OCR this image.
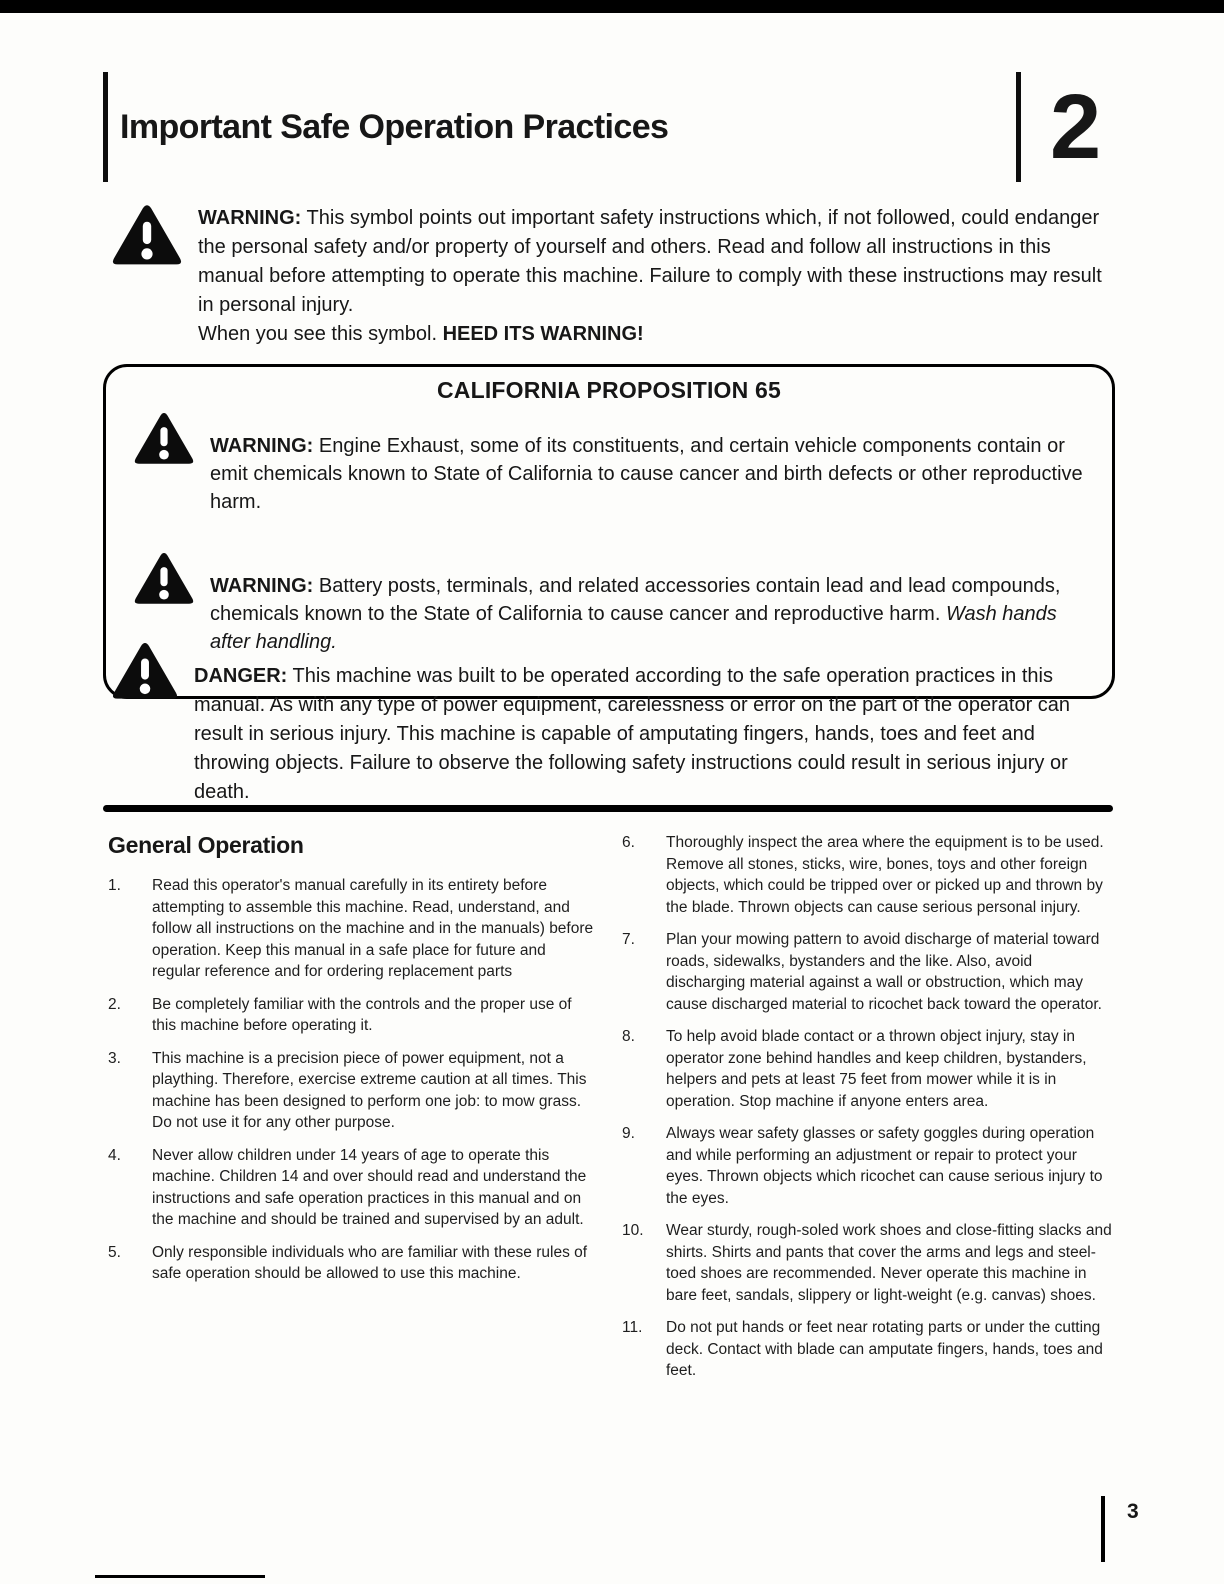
Important Safe Operation Practices	2

WARNING: This symbol points out important safety instructions which, if not followed, could endanger the personal safety and/or property of yourself and others. Read and follow all instructions in this manual before attempting to operate this machine. Failure to comply with these instructions may result in personal injury.

When you see this symbol. HEED ITS WARNING!

CALIFORNIA PROPOSITION 65

WARNING: Engine Exhaust, some of its constituents, and certain vehicle components contain or emit chemicals known to State of California to cause cancer and birth defects or other reproductive harm.

WARNING: Battery posts, terminals, and related accessories contain lead and lead compounds, chemicals known to the State of California to cause cancer and reproductive harm. Wash hands after handling.

DANGER: This machine was built to be operated according to the safe operation practices in this manual. As with any type of power equipment, carelessness or error on the part of the operator can result in serious injury. This machine is capable of amputating fingers, hands, toes and feet and throwing objects. Failure to observe the following safety instructions could result in serious injury or death.

General Operation
1.	Read this operator's manual carefully in its entirety before attempting to assemble this machine. Read, understand, and follow all instructions on the machine and in the manuals) before operation. Keep this manual in a safe place for future and regular reference and for ordering replacement parts
2.	Be completely familiar with the controls and the proper use of this machine before operating it.
3.	This machine is a precision piece of power equipment, not a plaything. Therefore, exercise extreme caution at all times. This machine has been designed to perform one job: to mow grass. Do not use it for any other purpose.
4.	Never allow children under 14 years of age to operate this machine. Children 14 and over should read and understand the instructions and safe operation practices in this manual and on the machine and should be trained and supervised by an adult.
5.	Only responsible individuals who are familiar with these rules of safe operation should be allowed to use this machine.
6.	Thoroughly inspect the area where the equipment is to be used. Remove all stones, sticks, wire, bones, toys and other foreign objects, which could be tripped over or picked up and thrown by the blade. Thrown objects can cause serious personal injury.
7.	Plan your mowing pattern to avoid discharge of material toward roads, sidewalks, bystanders and the like. Also, avoid discharging material against a wall or obstruction, which may cause discharged material to ricochet back toward the operator.
8.	To help avoid blade contact or a thrown object injury, stay in operator zone behind handles and keep children, bystanders, helpers and pets at least 75 feet from mower while it is in operation. Stop machine if anyone enters area.
9.	Always wear safety glasses or safety goggles during operation and while performing an adjustment or repair to protect your eyes. Thrown objects which ricochet can cause serious injury to the eyes.
10.	Wear sturdy, rough-soled work shoes and close-fitting slacks and shirts. Shirts and pants that cover the arms and legs and steel-toed shoes are recommended. Never operate this machine in bare feet, sandals, slippery or light-weight (e.g. canvas) shoes.
11.	Do not put hands or feet near rotating parts or under the cutting deck. Contact with blade can amputate fingers, hands, toes and feet.
3
